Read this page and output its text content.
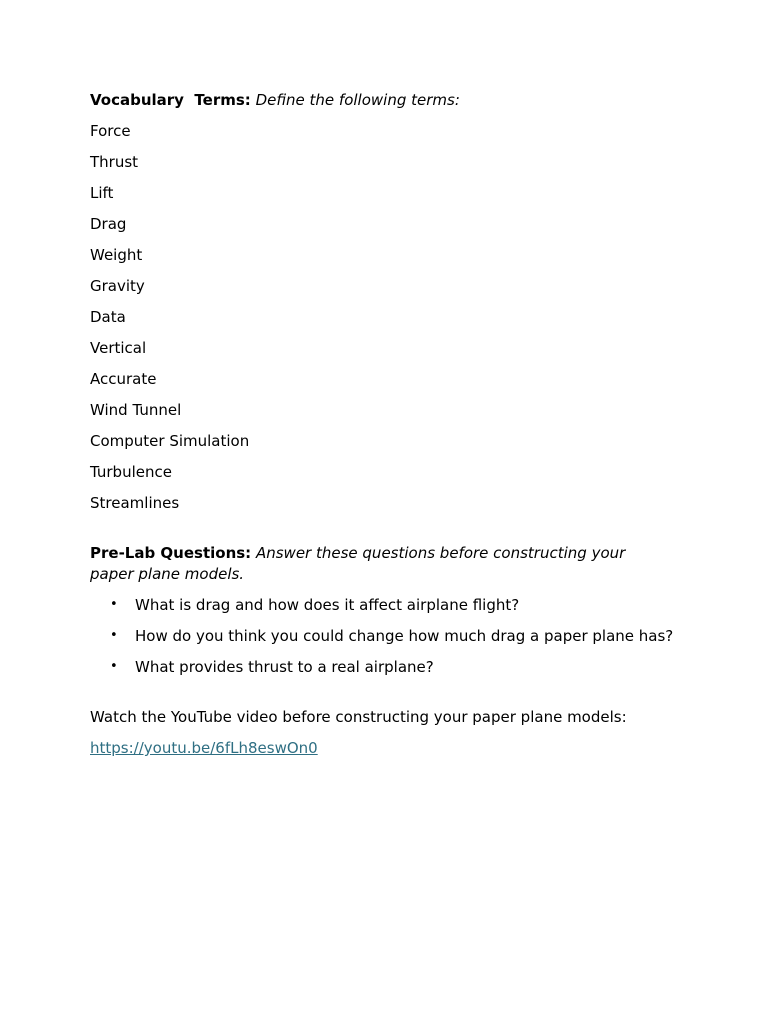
Vocabulary  Terms: Define the following terms:

Force

Thrust

Lift

Drag

Weight

Gravity

Data

Vertical

Accurate

Wind Tunnel

Computer Simulation

Turbulence

Streamlines

Pre-Lab Questions: Answer these questions before constructing your paper plane models.

• What is drag and how does it affect airplane flight?
• How do you think you could change how much drag a paper plane has?
• What provides thrust to a real airplane?

Watch the YouTube video before constructing your paper plane models:

https://youtu.be/6fLh8eswOn0
